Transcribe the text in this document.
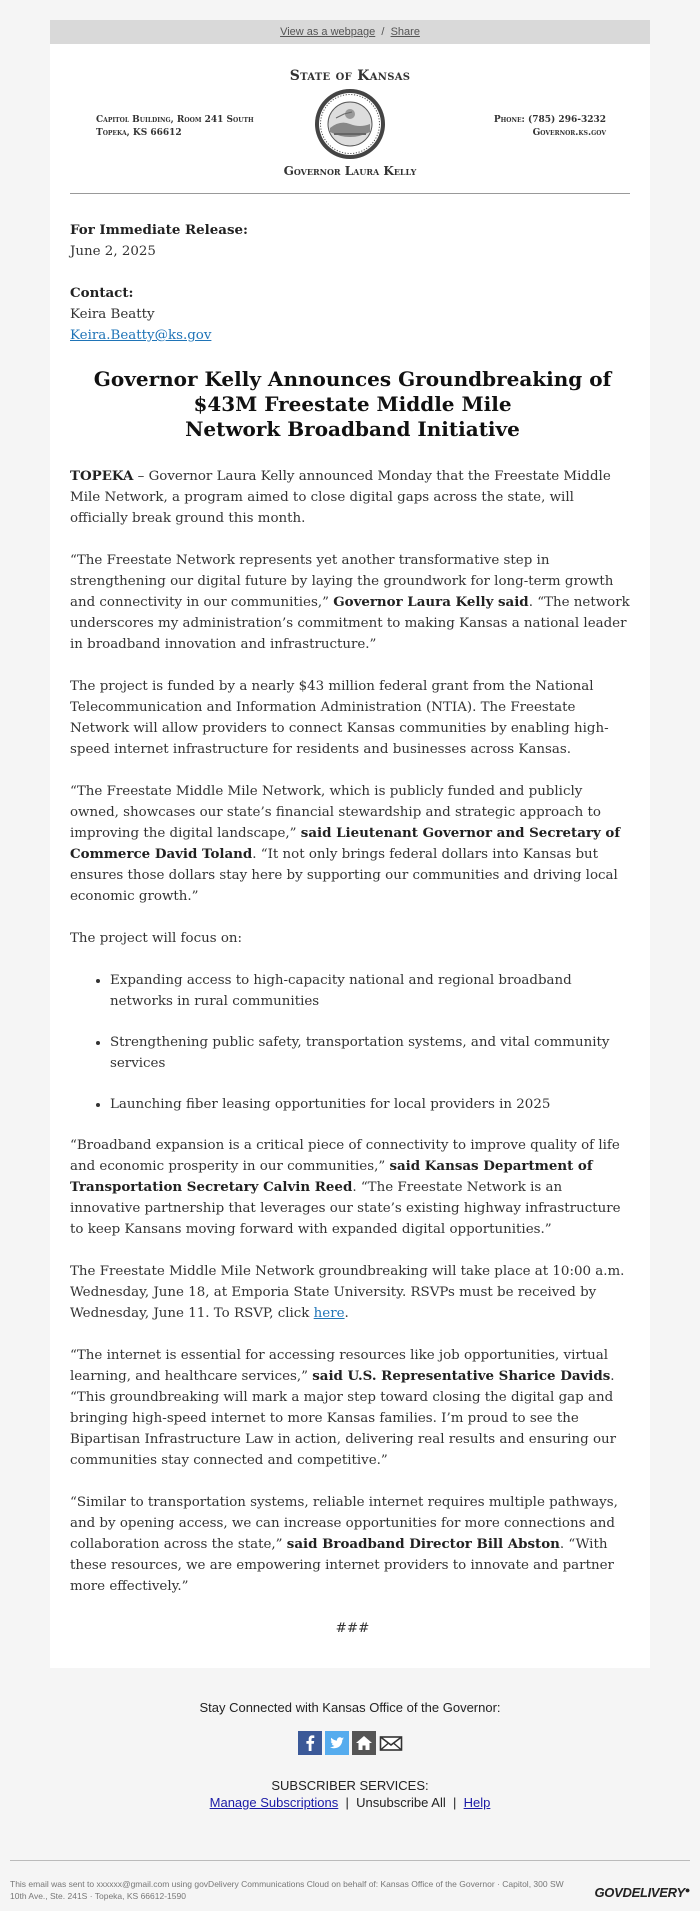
View as a webpage / Share
State of Kansas
Capitol Building, Room 241 South
Topeka, KS 66612
Phone: (785) 296-3232
Governor.ks.gov
Governor Laura Kelly

For Immediate Release:
June 2, 2025

Contact:
Keira Beatty
Keira.Beatty@ks.gov

Governor Kelly Announces Groundbreaking of
$43M Freestate Middle Mile
Network Broadband Initiative

TOPEKA – Governor Laura Kelly announced Monday that the Freestate Middle Mile Network, a program aimed to close digital gaps across the state, will officially break ground this month.

“The Freestate Network represents yet another transformative step in strengthening our digital future by laying the groundwork for long-term growth and connectivity in our communities,” Governor Laura Kelly said. “The network underscores my administration’s commitment to making Kansas a national leader in broadband innovation and infrastructure.”

The project is funded by a nearly $43 million federal grant from the National Telecommunication and Information Administration (NTIA). The Freestate Network will allow providers to connect Kansas communities by enabling high-speed internet infrastructure for residents and businesses across Kansas.

“The Freestate Middle Mile Network, which is publicly funded and publicly owned, showcases our state’s financial stewardship and strategic approach to improving the digital landscape,” said Lieutenant Governor and Secretary of Commerce David Toland. “It not only brings federal dollars into Kansas but ensures those dollars stay here by supporting our communities and driving local economic growth.”

The project will focus on:

• Expanding access to high-capacity national and regional broadband networks in rural communities
• Strengthening public safety, transportation systems, and vital community services
• Launching fiber leasing opportunities for local providers in 2025

“Broadband expansion is a critical piece of connectivity to improve quality of life and economic prosperity in our communities,” said Kansas Department of Transportation Secretary Calvin Reed. “The Freestate Network is an innovative partnership that leverages our state’s existing highway infrastructure to keep Kansans moving forward with expanded digital opportunities.”

The Freestate Middle Mile Network groundbreaking will take place at 10:00 a.m. Wednesday, June 18, at Emporia State University. RSVPs must be received by Wednesday, June 11. To RSVP, click here.

“The internet is essential for accessing resources like job opportunities, virtual learning, and healthcare services,” said U.S. Representative Sharice Davids. “This groundbreaking will mark a major step toward closing the digital gap and bringing high-speed internet to more Kansas families. I’m proud to see the Bipartisan Infrastructure Law in action, delivering real results and ensuring our communities stay connected and competitive.”

“Similar to transportation systems, reliable internet requires multiple pathways, and by opening access, we can increase opportunities for more connections and collaboration across the state,” said Broadband Director Bill Abston. “With these resources, we are empowering internet providers to innovate and partner more effectively.”

###

Stay Connected with Kansas Office of the Governor:
SUBSCRIBER SERVICES:
Manage Subscriptions | Unsubscribe All | Help
This email was sent to xxxxxx@gmail.com using govDelivery Communications Cloud on behalf of: Kansas Office of the Governor · Capitol, 300 SW 10th Ave., Ste. 241S · Topeka, KS 66612-1590	GOVDELIVERY●
